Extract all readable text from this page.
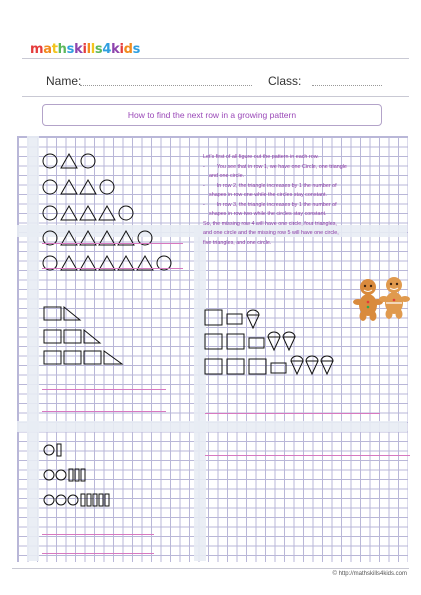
mathskills4kids
Name:	Class:
How to find the next row in a growing pattern

Let's first of all figure out the pattern in each row.

-        You see that in row 1, we have one Circle, one triangle

and one circle.

-        In row 2, the triangle increases by 1 the number of

shapes in row one while the circles stay constant.

-        In row 3, the triangle increases by 1 the number of

shapes in row two while the circles stay constant.

So, the missing row 4 will have one circle, four triangles,

and one circle and the missing row 5 will have one circle,

five triangles, and one circle.

© http://mathskills4kids.com
